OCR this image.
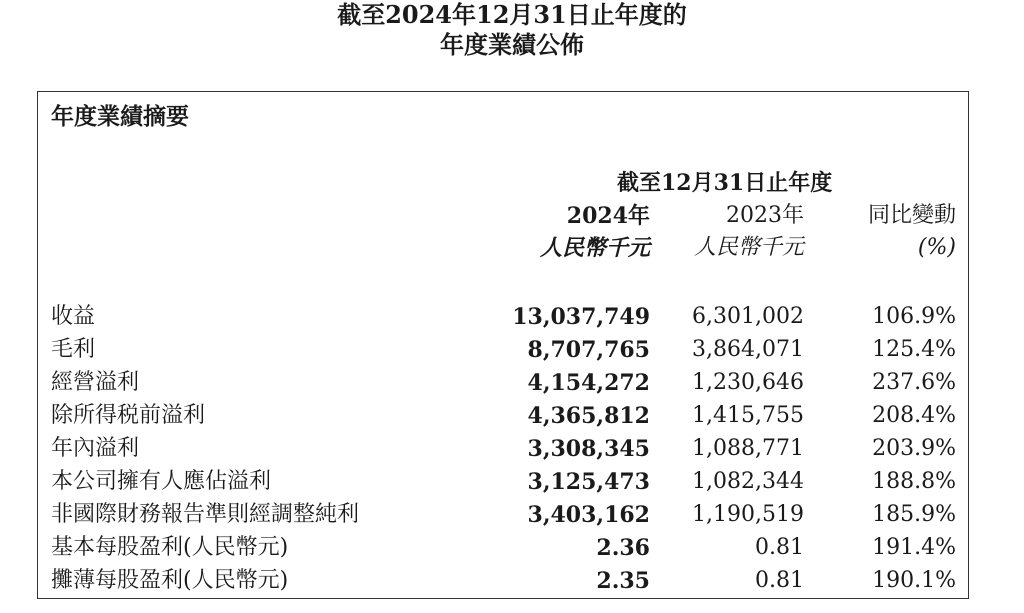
截至2024年12月31日止年度的
年度業績公佈
年度業績摘要
截至12月31日止年度
2024年	2023年	同比變動
人民幣千元 人民幣千元	(%)
收益	13,037,749 6,301,002	106.9%
毛利	8,707,765 3,864,071	125.4%
經營溢利	4,154,272 1,230,646	237.6%
除所得税前溢利	4,365,812 1,415,755	208.4%
年內溢利	3,308,345 1,088,771	203.9%
本公司擁有人應佔溢利	3,125,473 1,082,344	188.8%
非國際財務報告準則經調整純利	3,403,162 1,190,519	185.9%
基本每股盈利(人民幣元)	2.36	0.81	191.4%
攤薄每股盈利(人民幣元)	2.35	0.81	190.1%
